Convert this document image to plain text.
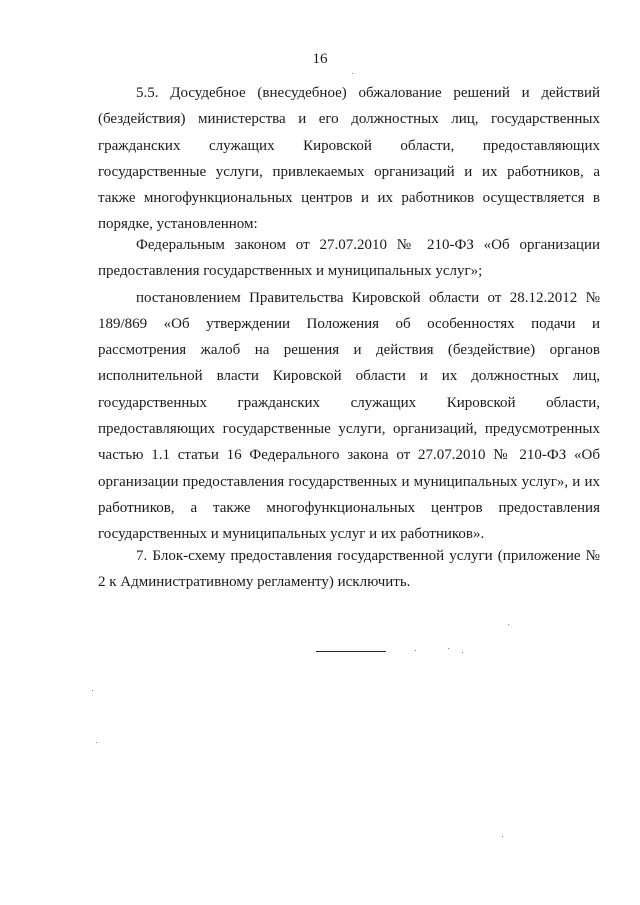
16

5.5. Досудебное (внесудебное) обжалование решений и действий (бездействия) министерства и его должностных лиц, государственных гражданских служащих Кировской области, предоставляющих государственные услуги, привлекаемых организаций и их работников, а также многофункциональных центров и их работников осуществляется в порядке, установленном:

Федеральным законом от 27.07.2010 № 210-ФЗ «Об организации предоставления государственных и муниципальных услуг»;

постановлением Правительства Кировской области от 28.12.2012 № 189/869 «Об утверждении Положения об особенностях подачи и рассмотрения жалоб на решения и действия (бездействие) органов исполнительной власти Кировской области и их должностных лиц, государственных гражданских служащих Кировской области, предоставляющих государственные услуги, организаций, предусмотренных частью 1.1 статьи 16 Федерального закона от 27.07.2010 № 210-ФЗ «Об организации предоставления государственных и муниципальных услуг», и их работников, а также многофункциональных центров предоставления государственных и муниципальных услуг и их работников».

7. Блок-схему предоставления государственной услуги (приложение № 2 к Административному регламенту) исключить.
